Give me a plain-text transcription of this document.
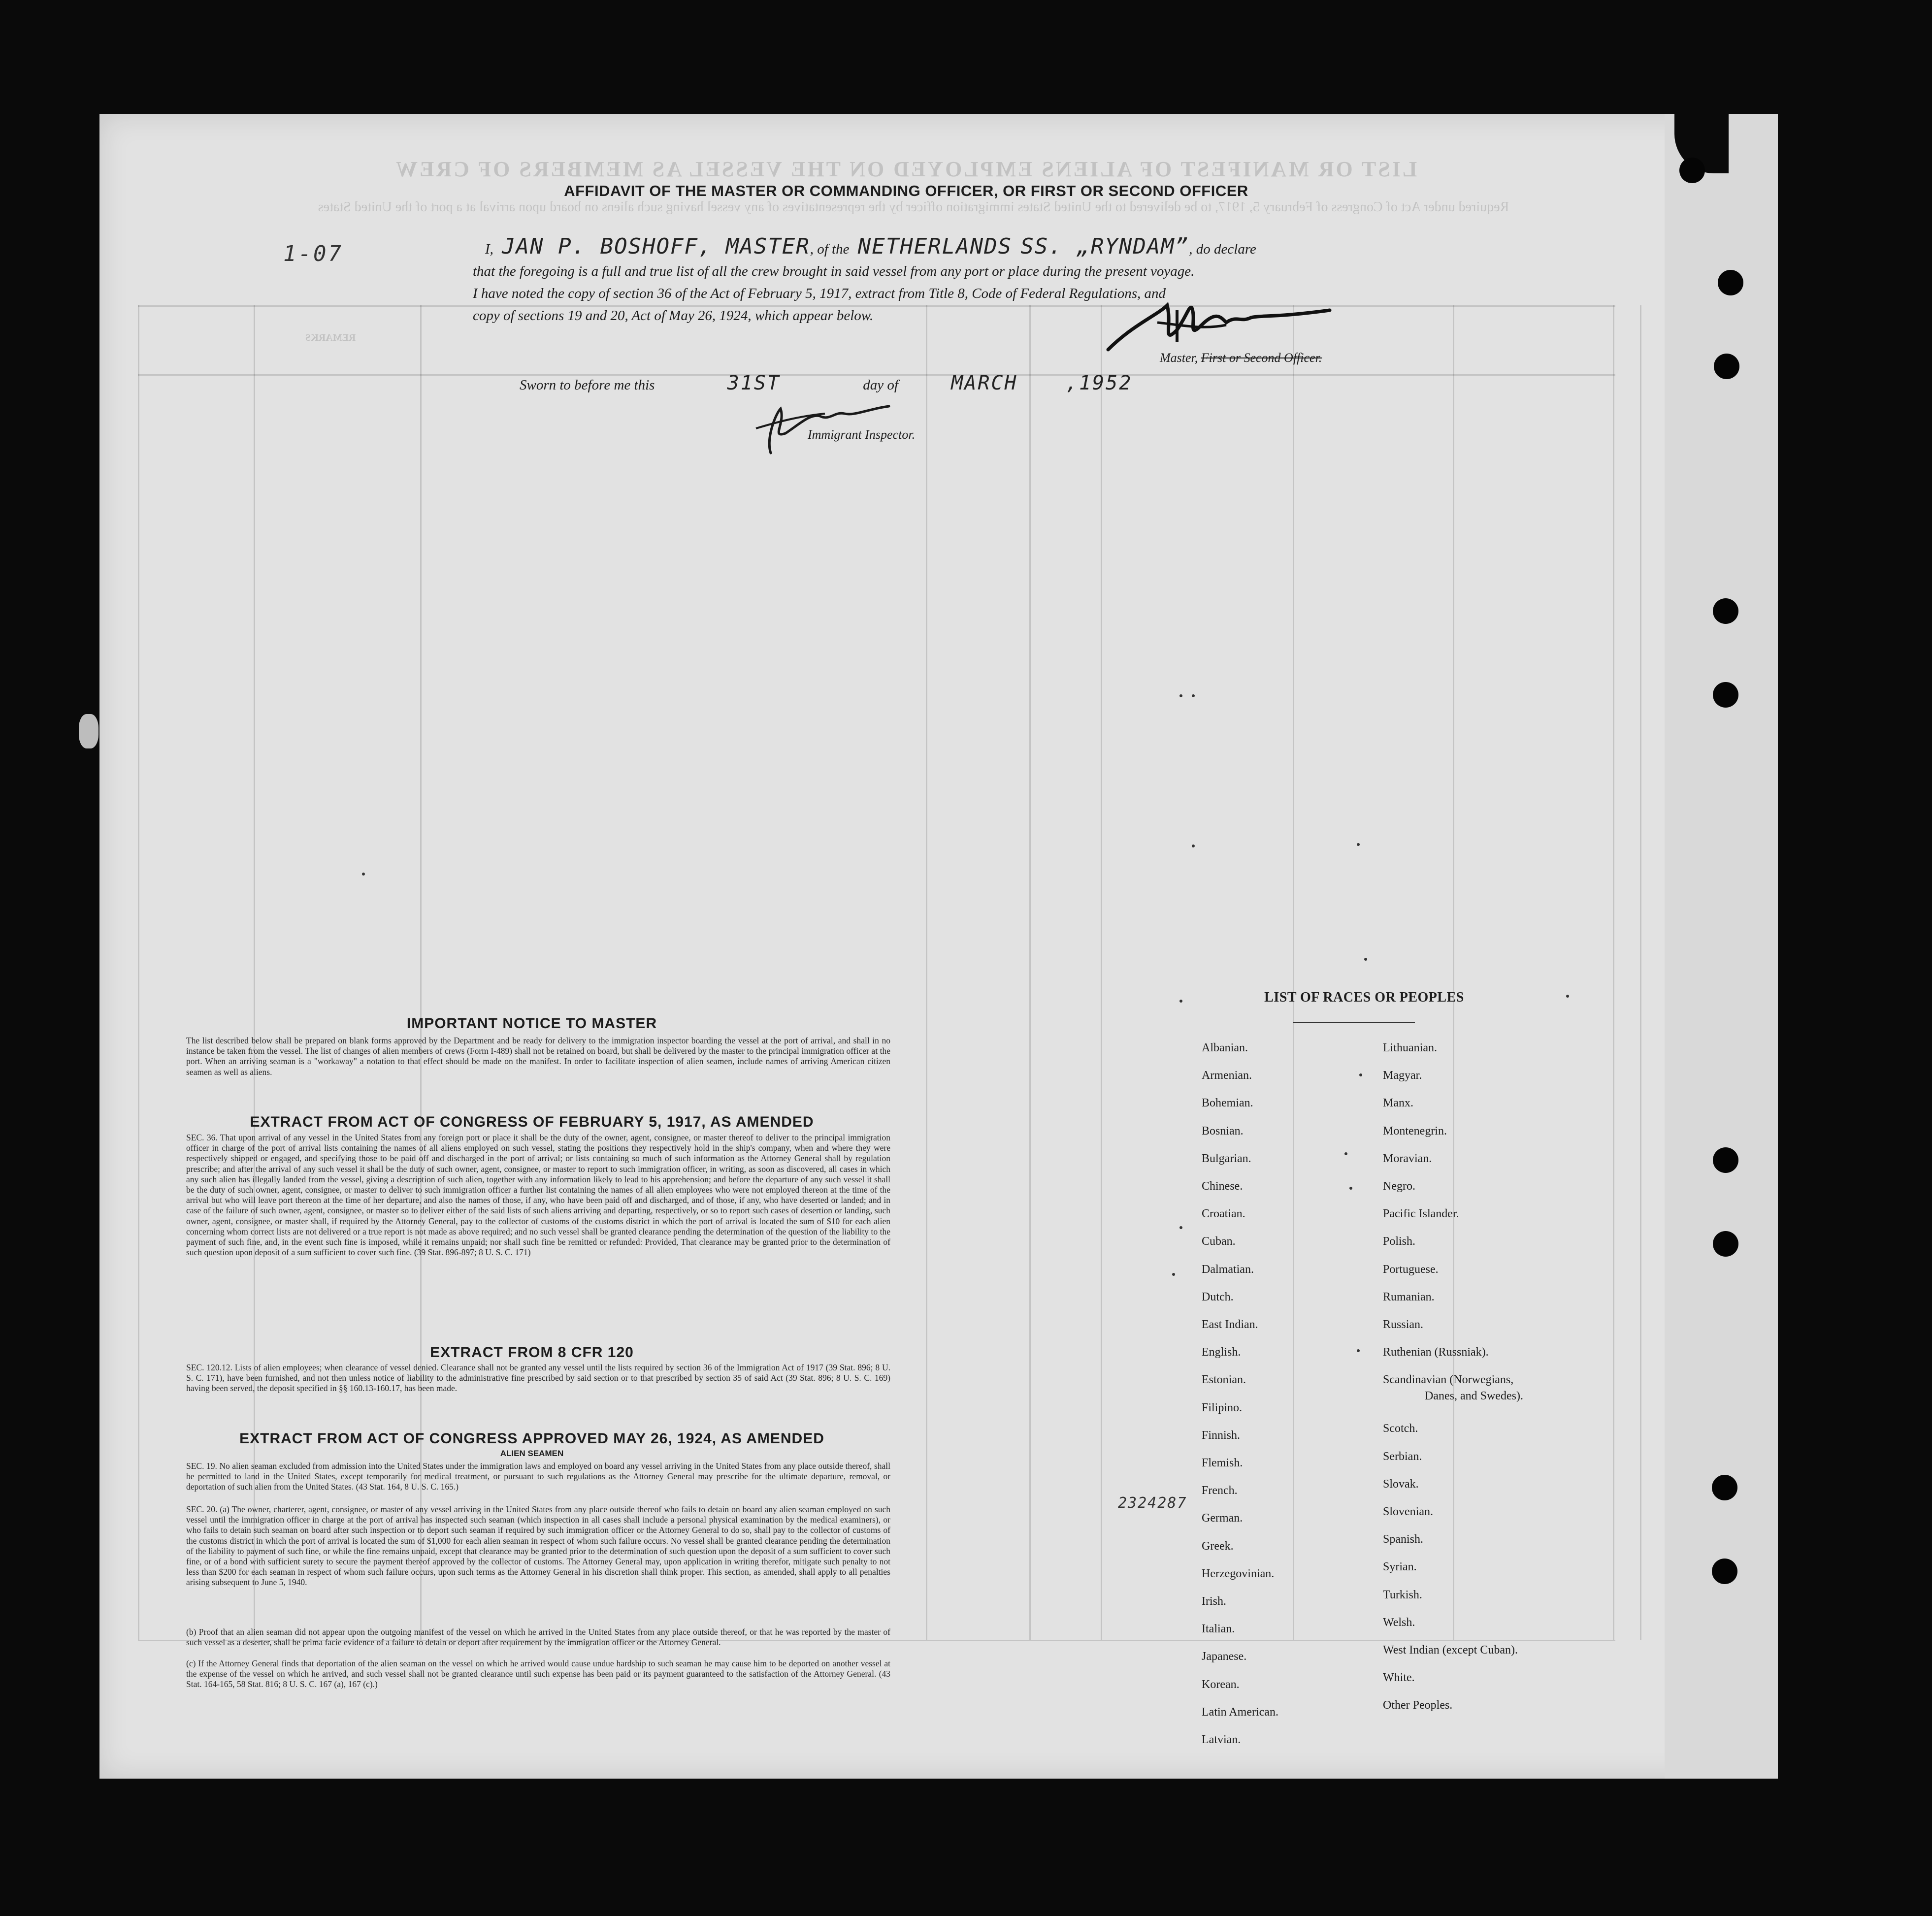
LIST OR MANIFEST OF ALIENS EMPLOYED ON THE VESSEL AS MEMBERS OF CREW
Required under Act of Congress of February 5, 1917, to be delivered to the United States immigration officer by the representatives of any vessel having such aliens on board upon arrival at a port of the United States
REMARKS
1-07
AFFIDAVIT OF THE MASTER OR COMMANDING OFFICER, OR FIRST OR SECOND OFFICER
I, JAN P. BOSHOFF, MASTER, of the NETHERLANDS SS. „RYNDAM”, do declare
that the foregoing is a full and true list of all the crew brought in said vessel from any port or place during the present voyage.
I have noted the copy of section 36 of the Act of February 5, 1917, extract from Title 8, Code of Federal Regulations, and
copy of sections 19 and 20, Act of May 26, 1924, which appear below.
Master, First or Second Officer.
Sworn to before me this	31ST	day of	MARCH ,1952
Immigrant Inspector.
IMPORTANT NOTICE TO MASTER
The list described below shall be prepared on blank forms approved by the Department and be ready for delivery to the immigration inspector boarding the vessel at the port of arrival, and shall in no instance be taken from the vessel. The list of changes of alien members of crews (Form I-489) shall not be retained on board, but shall be delivered by the master to the principal immigration officer at the port. When an arriving seaman is a "workaway" a notation to that effect should be made on the manifest. In order to facilitate inspection of alien seamen, include names of arriving American citizen seamen as well as aliens.
EXTRACT FROM ACT OF CONGRESS OF FEBRUARY 5, 1917, AS AMENDED
SEC. 36. That upon arrival of any vessel in the United States from any foreign port or place it shall be the duty of the owner, agent, consignee, or master thereof to deliver to the principal immigration officer in charge of the port of arrival lists containing the names of all aliens employed on such vessel, stating the positions they respectively hold in the ship's company, when and where they were respectively shipped or engaged, and specifying those to be paid off and discharged in the port of arrival; or lists containing so much of such information as the Attorney General shall by regulation prescribe; and after the arrival of any such vessel it shall be the duty of such owner, agent, consignee, or master to report to such immigration officer, in writing, as soon as discovered, all cases in which any such alien has illegally landed from the vessel, giving a description of such alien, together with any information likely to lead to his apprehension; and before the departure of any such vessel it shall be the duty of such owner, agent, consignee, or master to deliver to such immigration officer a further list containing the names of all alien employees who were not employed thereon at the time of the arrival but who will leave port thereon at the time of her departure, and also the names of those, if any, who have been paid off and discharged, and of those, if any, who have deserted or landed; and in case of the failure of such owner, agent, consignee, or master so to deliver either of the said lists of such aliens arriving and departing, respectively, or so to report such cases of desertion or landing, such owner, agent, consignee, or master shall, if required by the Attorney General, pay to the collector of customs of the customs district in which the port of arrival is located the sum of $10 for each alien concerning whom correct lists are not delivered or a true report is not made as above required; and no such vessel shall be granted clearance pending the determination of the question of the liability to the payment of such fine, and, in the event such fine is imposed, while it remains unpaid; nor shall such fine be remitted or refunded: Provided, That clearance may be granted prior to the determination of such question upon deposit of a sum sufficient to cover such fine. (39 Stat. 896-897; 8 U. S. C. 171)
EXTRACT FROM 8 CFR 120
SEC. 120.12. Lists of alien employees; when clearance of vessel denied. Clearance shall not be granted any vessel until the lists required by section 36 of the Immigration Act of 1917 (39 Stat. 896; 8 U. S. C. 171), have been furnished, and not then unless notice of liability to the administrative fine prescribed by said section or to that prescribed by section 35 of said Act (39 Stat. 896; 8 U. S. C. 169) having been served, the deposit specified in §§ 160.13-160.17, has been made.
EXTRACT FROM ACT OF CONGRESS APPROVED MAY 26, 1924, AS AMENDED
ALIEN SEAMEN
SEC. 19. No alien seaman excluded from admission into the United States under the immigration laws and employed on board any vessel arriving in the United States from any place outside thereof, shall be permitted to land in the United States, except temporarily for medical treatment, or pursuant to such regulations as the Attorney General may prescribe for the ultimate departure, removal, or deportation of such alien from the United States. (43 Stat. 164, 8 U. S. C. 165.)
SEC. 20. (a) The owner, charterer, agent, consignee, or master of any vessel arriving in the United States from any place outside thereof who fails to detain on board any alien seaman employed on such vessel until the immigration officer in charge at the port of arrival has inspected such seaman (which inspection in all cases shall include a personal physical examination by the medical examiners), or who fails to detain such seaman on board after such inspection or to deport such seaman if required by such immigration officer or the Attorney General to do so, shall pay to the collector of customs of the customs district in which the port of arrival is located the sum of $1,000 for each alien seaman in respect of whom such failure occurs. No vessel shall be granted clearance pending the determination of the liability to payment of such fine, or while the fine remains unpaid, except that clearance may be granted prior to the determination of such question upon the deposit of a sum sufficient to cover such fine, or of a bond with sufficient surety to secure the payment thereof approved by the collector of customs. The Attorney General may, upon application in writing therefor, mitigate such penalty to not less than $200 for each seaman in respect of whom such failure occurs, upon such terms as the Attorney General in his discretion shall think proper. This section, as amended, shall apply to all penalties arising subsequent to June 5, 1940.
(b) Proof that an alien seaman did not appear upon the outgoing manifest of the vessel on which he arrived in the United States from any place outside thereof, or that he was reported by the master of such vessel as a deserter, shall be prima facie evidence of a failure to detain or deport after requirement by the immigration officer or the Attorney General.
(c) If the Attorney General finds that deportation of the alien seaman on the vessel on which he arrived would cause undue hardship to such seaman he may cause him to be deported on another vessel at the expense of the vessel on which he arrived, and such vessel shall not be granted clearance until such expense has been paid or its payment guaranteed to the satisfaction of the Attorney General. (43 Stat. 164-165, 58 Stat. 816; 8 U. S. C. 167 (a), 167 (c).)
2324287
LIST OF RACES OR PEOPLES
Albanian.
Armenian.
Bohemian.
Bosnian.
Bulgarian.
Chinese.
Croatian.
Cuban.
Dalmatian.
Dutch.
East Indian.
English.
Estonian.
Filipino.
Finnish.
Flemish.
French.
German.
Greek.
Herzegovinian.
Irish.
Italian.
Japanese.
Korean.
Latin American.
Latvian.
Lithuanian.
Magyar.
Manx.
Montenegrin.
Moravian.
Negro.
Pacific Islander.
Polish.
Portuguese.
Rumanian.
Russian.
Ruthenian (Russniak).
Scandinavian (Norwegians,
Danes, and Swedes).
Scotch.
Serbian.
Slovak.
Slovenian.
Spanish.
Syrian.
Turkish.
Welsh.
West Indian (except Cuban).
White.
Other Peoples.
